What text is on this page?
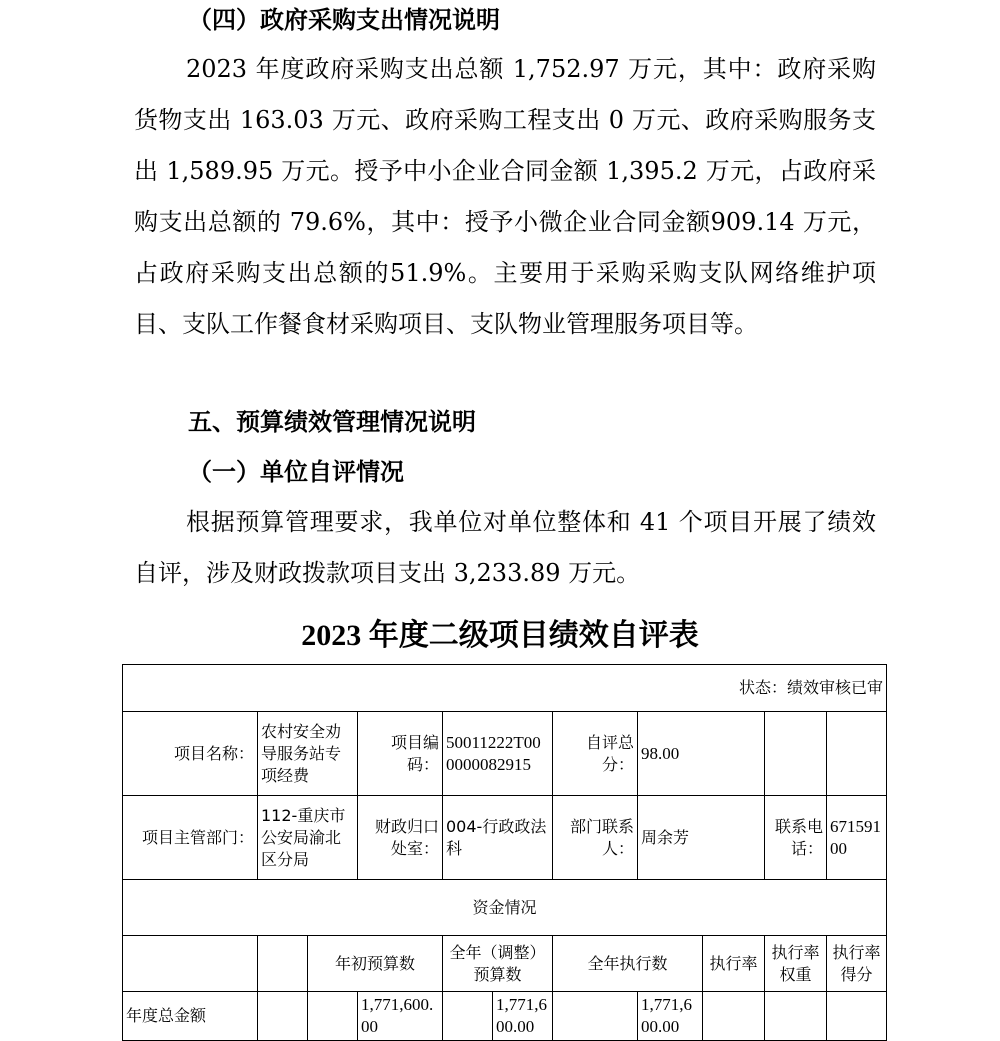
（四）政府采购支出情况说明

2023 年度政府采购支出总额 1,752.97 万元，其中：政府采购货物支出 163.03 万元、政府采购工程支出 0 万元、政府采购服务支出 1,589.95 万元。授予中小企业合同金额 1,395.2 万元，占政府采购支出总额的 79.6%，其中：授予小微企业合同金额909.14 万元，占政府采购支出总额的51.9%。主要用于采购采购支队网络维护项目、支队工作餐食材采购项目、支队物业管理服务项目等。

五、预算绩效管理情况说明
（一）单位自评情况

根据预算管理要求，我单位对单位整体和 41 个项目开展了绩效自评，涉及财政拨款项目支出 3,233.89 万元。

2023 年度二级项目绩效自评表
状态：绩效审核已审										
项目名称：	农村安全劝导服务站专项经费		项目编码：	50011222T000000082915		自评总分：	98.00			
项目主管部门：	112-重庆市公安局渝北区分局		财政归口处室：	004-行政政法科		部门联系人：	周余芳		联系电话：	67159100
资金情况										
		年初预算数		全年（调整）预算数		全年执行数		执行率	执行率权重	执行率得分
年度总金额			1,771,600.00		1,771,600.00		1,771,600.00			
